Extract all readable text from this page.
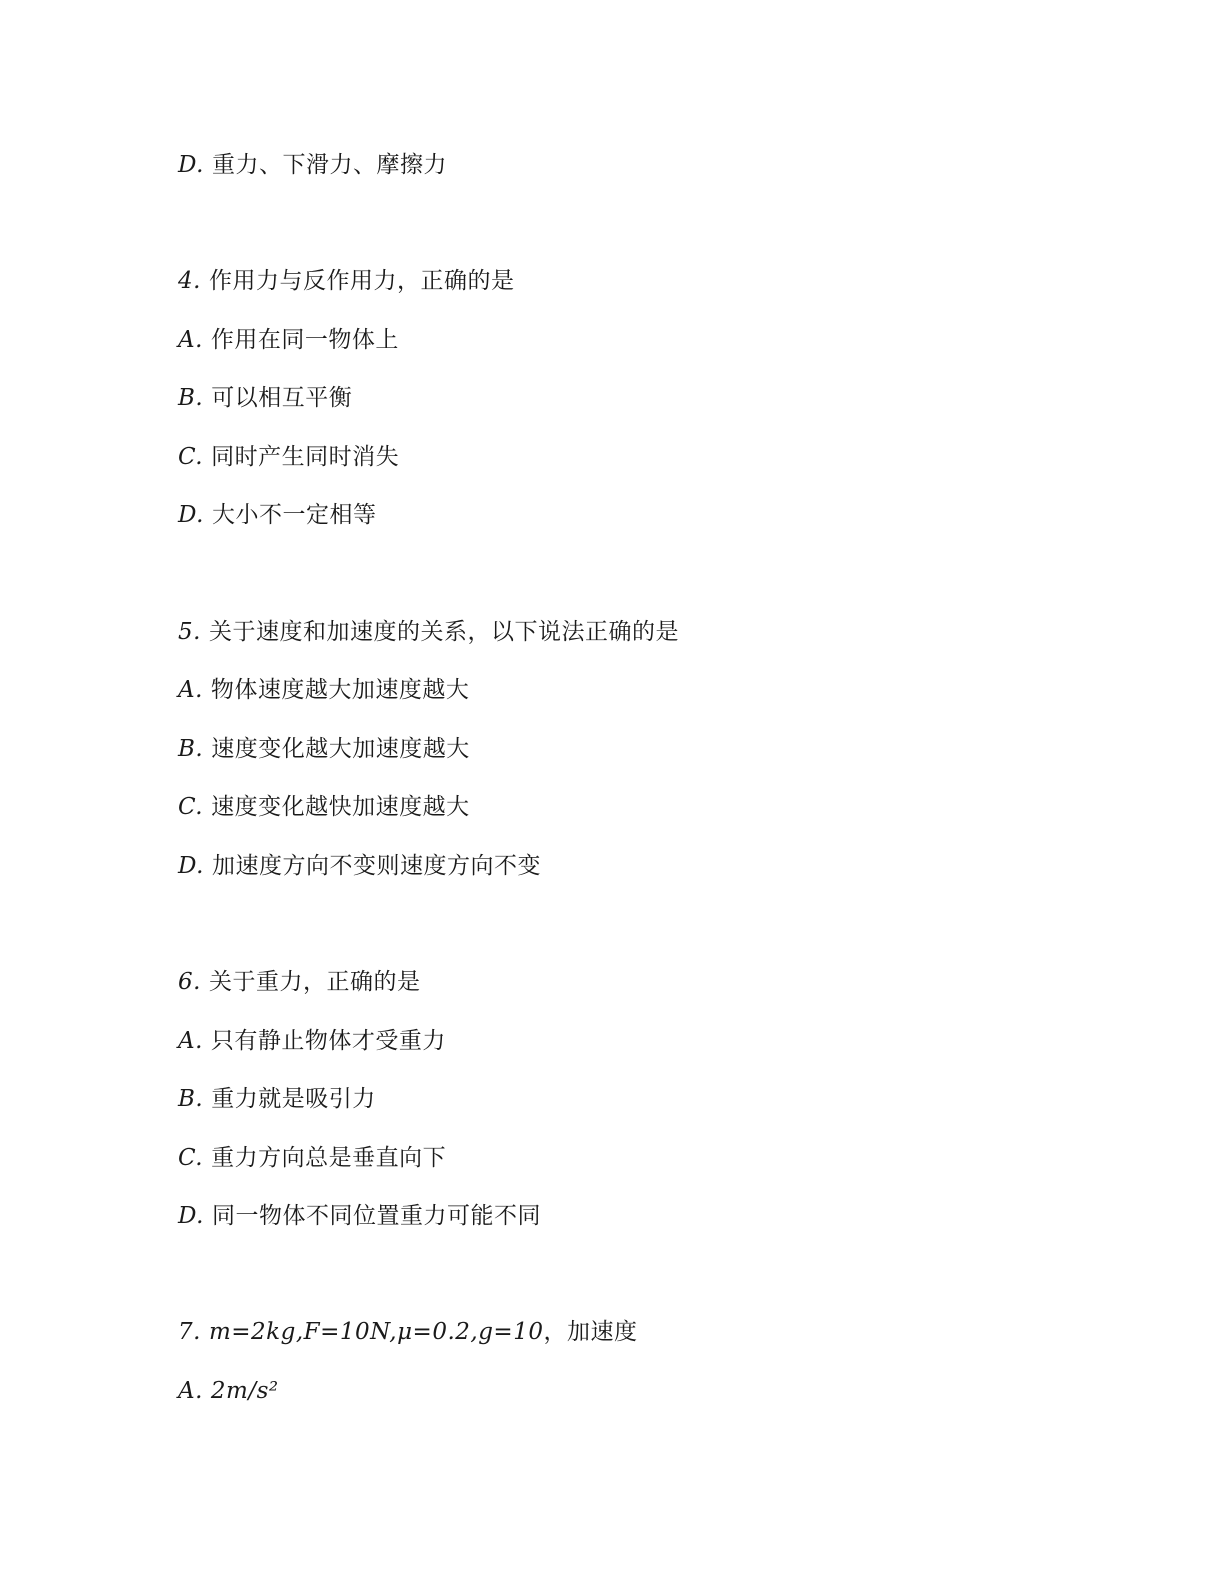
D. 重力、下滑力、摩擦力
4. 作用力与反作用力，正确的是
A. 作用在同一物体上
B. 可以相互平衡
C. 同时产生同时消失
D. 大小不一定相等
5. 关于速度和加速度的关系，以下说法正确的是
A. 物体速度越大加速度越大
B. 速度变化越大加速度越大
C. 速度变化越快加速度越大
D. 加速度方向不变则速度方向不变
6. 关于重力，正确的是
A. 只有静止物体才受重力
B. 重力就是吸引力
C. 重力方向总是垂直向下
D. 同一物体不同位置重力可能不同
7. m=2kg,F=10N,μ=0.2,g=10，加速度
A. 2m/s²
